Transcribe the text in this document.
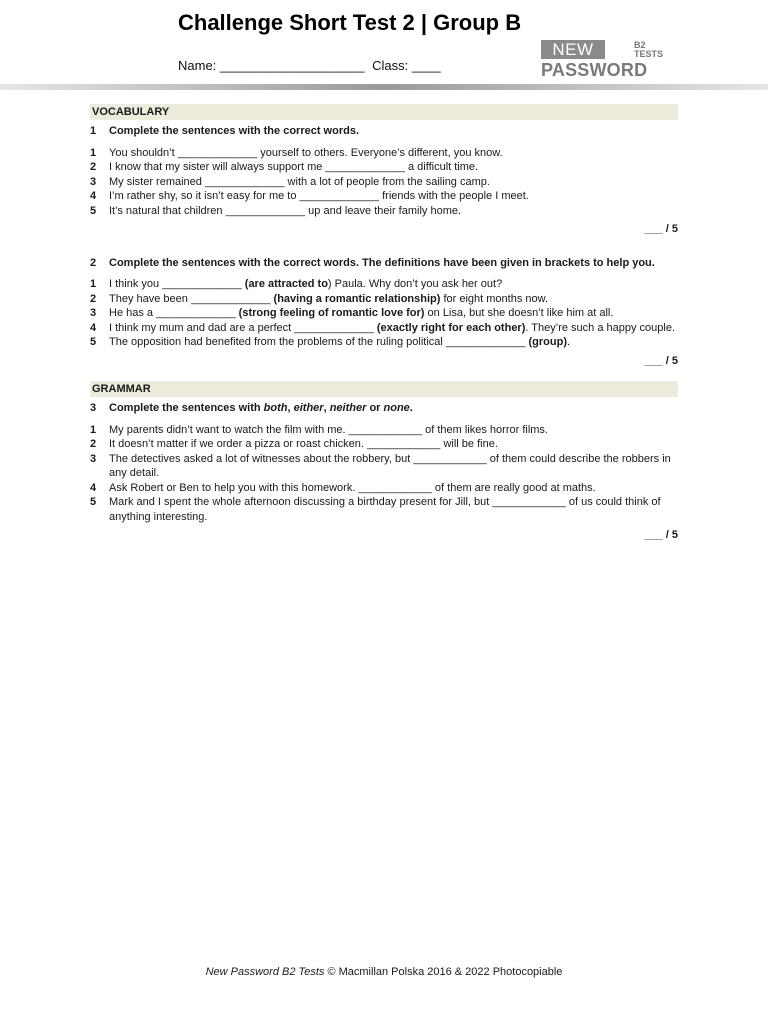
Challenge Short Test 2 | Group B
Name: ____________________ Class: ____
NEW	B2
TESTS
PASSWORD
VOCABULARY
1	Complete the sentences with the correct words.
1	You shouldn’t _____________ yourself to others. Everyone’s different, you know.
2	I know that my sister will always support me _____________ a difficult time.
3	My sister remained _____________ with a lot of people from the sailing camp.
4	I’m rather shy, so it isn’t easy for me to _____________ friends with the people I meet.
5	It’s natural that children _____________ up and leave their family home.
___ / 5
2	Complete the sentences with the correct words. The definitions have been given in brackets to help you.
1	I think you _____________ (are attracted to) Paula. Why don’t you ask her out?
2	They have been _____________ (having a romantic relationship) for eight months now.
3	He has a _____________ (strong feeling of romantic love for) on Lisa, but she doesn’t like him at all.
4	I think my mum and dad are a perfect _____________ (exactly right for each other). They’re such a happy couple.
5	The opposition had benefited from the problems of the ruling political _____________ (group).
___ / 5
GRAMMAR
3	Complete the sentences with both, either, neither or none.
1	My parents didn’t want to watch the film with me. ____________ of them likes horror films.
2	It doesn’t matter if we order a pizza or roast chicken. ____________ will be fine.
3	The detectives asked a lot of witnesses about the robbery, but ____________ of them could describe the robbers in any detail.
4	Ask Robert or Ben to help you with this homework. ____________ of them are really good at maths.
5	Mark and I spent the whole afternoon discussing a birthday present for Jill, but ____________ of us could think of anything interesting.
___ / 5
New Password B2 Tests © Macmillan Polska 2016 & 2022 Photocopiable
